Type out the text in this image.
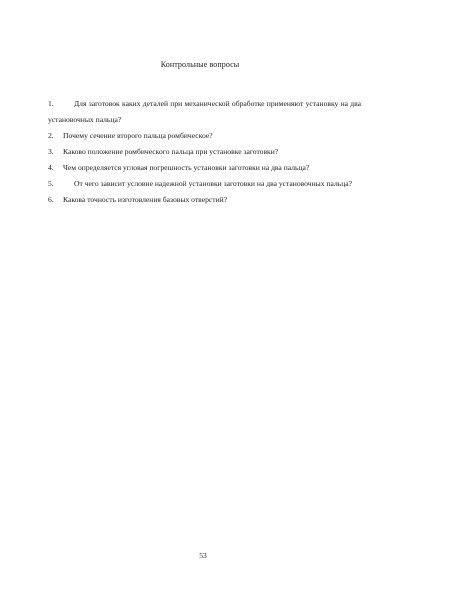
Контрольные вопросы
1.	Для заготовок каких деталей при механической обработке применяют установку на два установочных пальца?
2. Почему сечение второго пальца ромбическое?
3. Каково положение ромбического пальца при установке заготовки?
4. Чем определяется угловая погрешность установки заготовки на два пальца?
5.	От чего зависит условие надежной установки заготовки на два установочных пальца?
6. Какова точность изготовления базовых отверстий?
53
